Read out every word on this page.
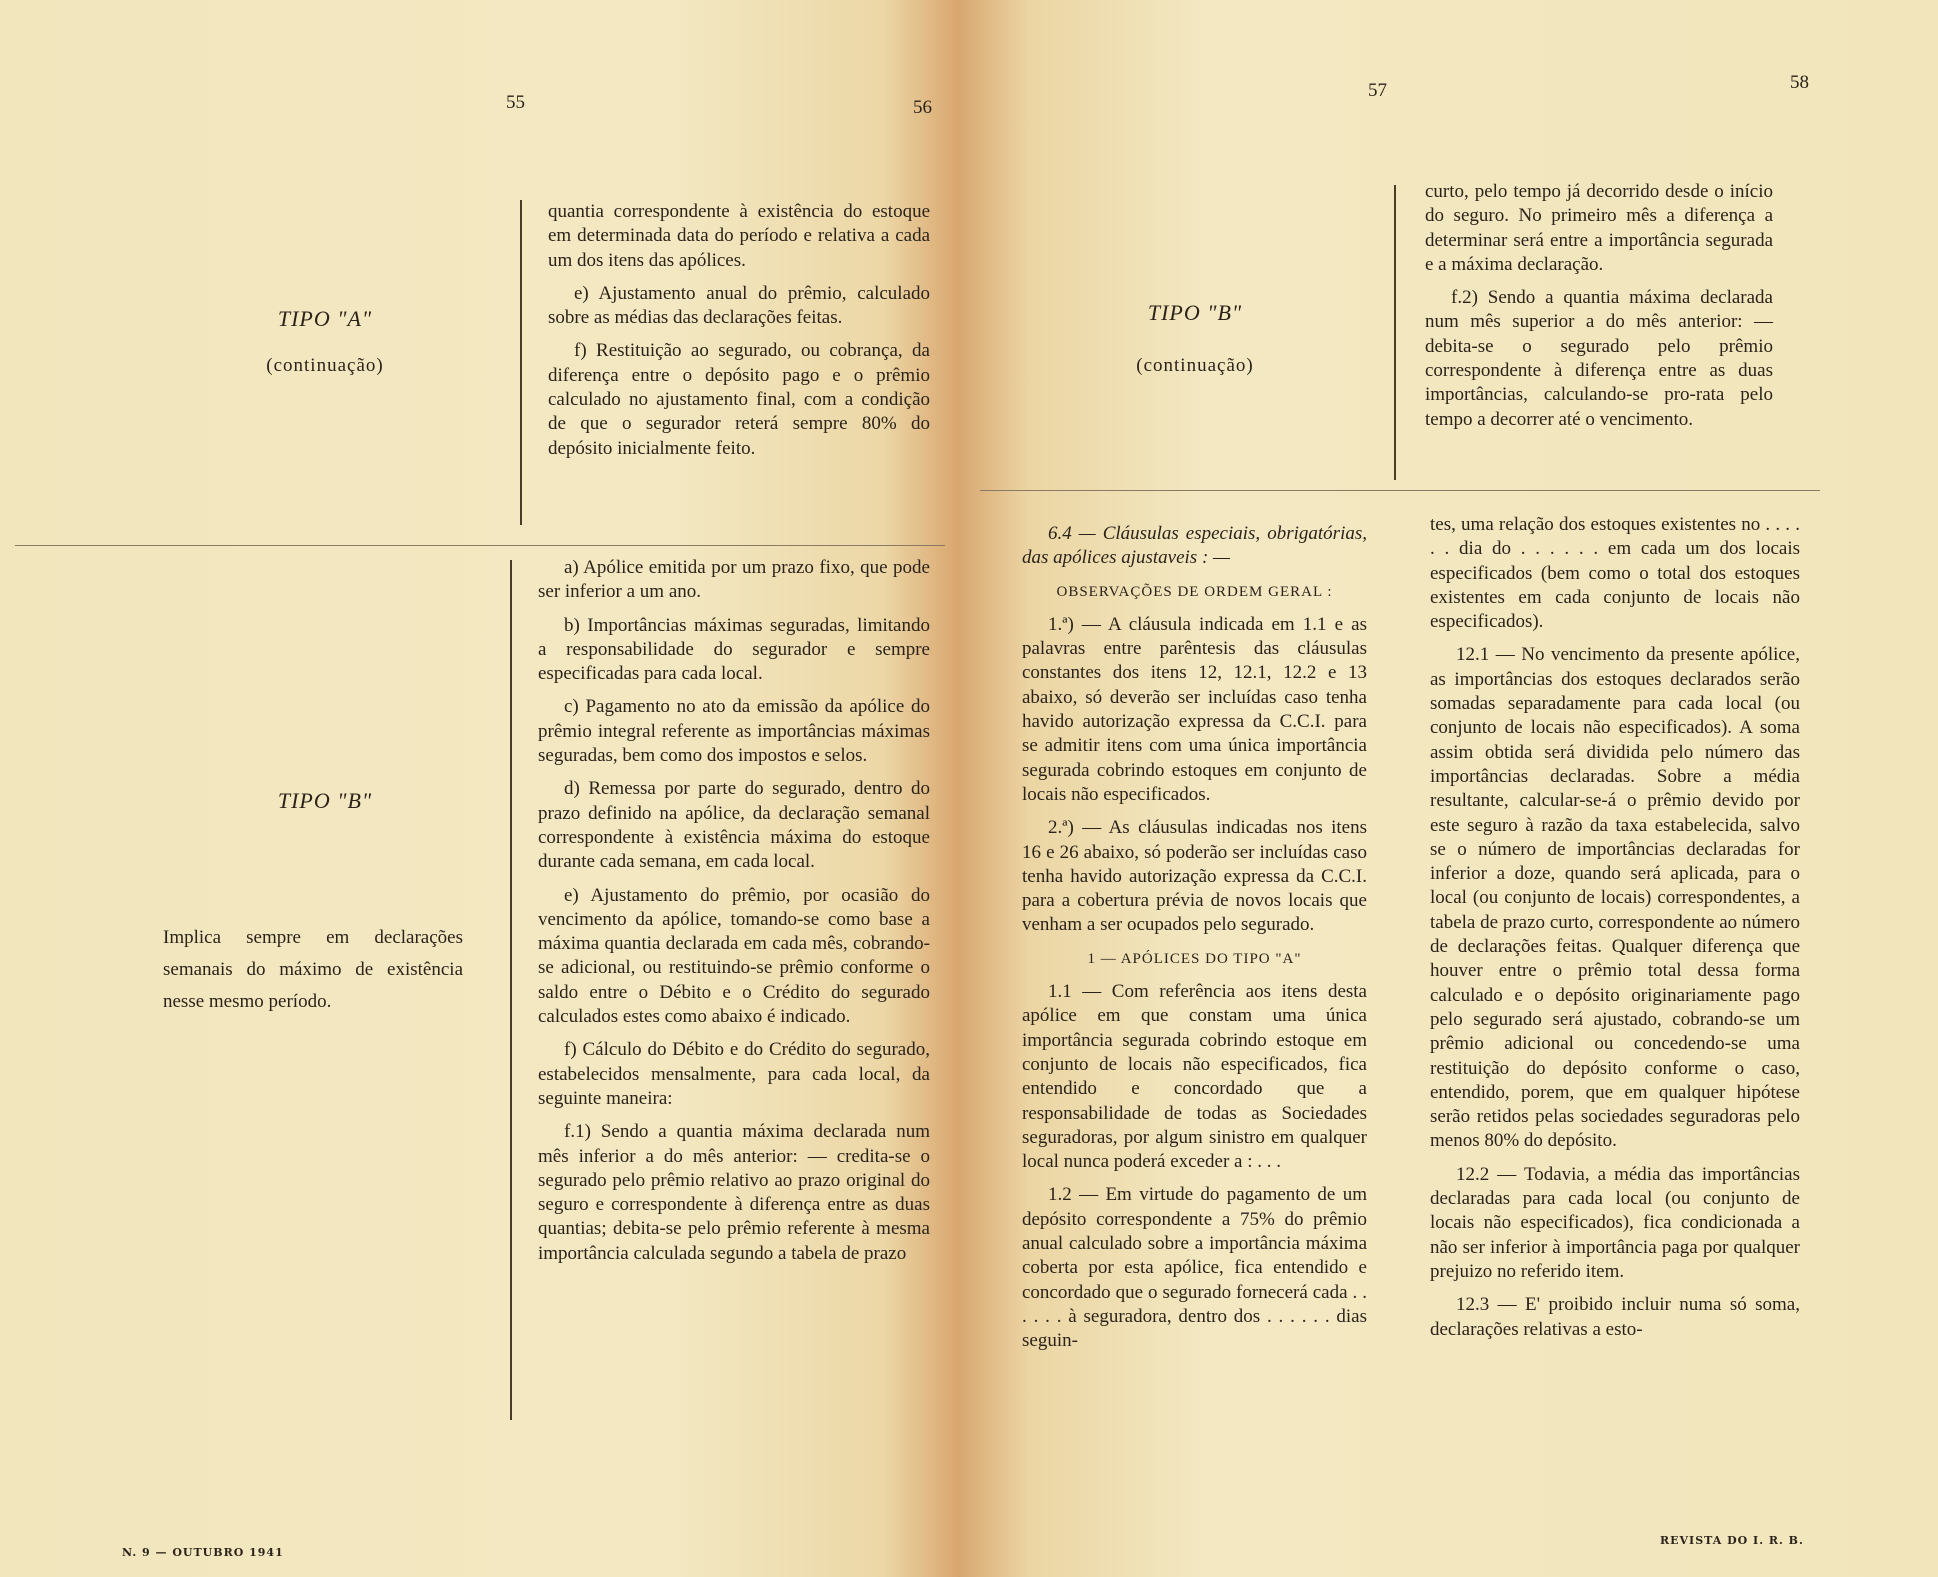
55	56
TIPO "A"
(continuação)
TIPO "B"
Implica sempre em declarações semanais do máximo de existência nesse mesmo período.

quantia correspondente à existência do estoque em determinada data do período e relativa a cada um dos itens das apólices.

e) Ajustamento anual do prêmio, calculado sobre as médias das declarações feitas.

f) Restituição ao segurado, ou cobrança, da diferença entre o depósito pago e o prêmio calculado no ajustamento final, com a condição de que o segurador reterá sempre 80% do depósito inicialmente feito.

a) Apólice emitida por um prazo fixo, que pode ser inferior a um ano.

b) Importâncias máximas seguradas, limitando a responsabilidade do segurador e sempre especificadas para cada local.

c) Pagamento no ato da emissão da apólice do prêmio integral referente as importâncias máximas seguradas, bem como dos impostos e selos.

d) Remessa por parte do segurado, dentro do prazo definido na apólice, da declaração semanal correspondente à existência máxima do estoque durante cada semana, em cada local.

e) Ajustamento do prêmio, por ocasião do vencimento da apólice, tomando-se como base a máxima quantia declarada em cada mês, cobrando-se adicional, ou restituindo-se prêmio conforme o saldo entre o Débito e o Crédito do segurado calculados estes como abaixo é indicado.

f) Cálculo do Débito e do Crédito do segurado, estabelecidos mensalmente, para cada local, da seguinte maneira:

f.1) Sendo a quantia máxima declarada num mês inferior a do mês anterior: — credita-se o segurado pelo prêmio relativo ao prazo original do seguro e correspondente à diferença entre as duas quantias; debita-se pelo prêmio referente à mesma importância calculada segundo a tabela de prazo

N. 9 — OUTUBRO 1941
57	58
TIPO "B"
(continuação)

curto, pelo tempo já decorrido desde o início do seguro. No primeiro mês a diferença a determinar será entre a importância segurada e a máxima declaração.

f.2) Sendo a quantia máxima declarada num mês superior a do mês anterior: — debita-se o segurado pelo prêmio correspondente à diferença entre as duas importâncias, calculando-se pro-rata pelo tempo a decorrer até o vencimento.

6.4 — Cláusulas especiais, obrigatórias, das apólices ajustaveis : —

OBSERVAÇÕES DE ORDEM GERAL :

1.ª) — A cláusula indicada em 1.1 e as palavras entre parêntesis das cláusulas constantes dos itens 12, 12.1, 12.2 e 13 abaixo, só deverão ser incluídas caso tenha havido autorização expressa da C.C.I. para se admitir itens com uma única importância segurada cobrindo estoques em conjunto de locais não especificados.

2.ª) — As cláusulas indicadas nos itens 16 e 26 abaixo, só poderão ser incluídas caso tenha havido autorização expressa da C.C.I. para a cobertura prévia de novos locais que venham a ser ocupados pelo segurado.

1 — APÓLICES DO TIPO "A"

1.1 — Com referência aos itens desta apólice em que constam uma única importância segurada cobrindo estoque em conjunto de locais não especificados, fica entendido e concordado que a responsabilidade de todas as Sociedades seguradoras, por algum sinistro em qualquer local nunca poderá exceder a : . . .

1.2 — Em virtude do pagamento de um depósito correspondente a 75% do prêmio anual calculado sobre a importância máxima coberta por esta apólice, fica entendido e concordado que o segurado fornecerá cada . . . . . . à seguradora, dentro dos . . . . . . dias seguin-

tes, uma relação dos estoques existentes no . . . . . . dia do . . . . . . em cada um dos locais especificados (bem como o total dos estoques existentes em cada conjunto de locais não especificados).

12.1 — No vencimento da presente apólice, as importâncias dos estoques declarados serão somadas separadamente para cada local (ou conjunto de locais não especificados). A soma assim obtida será dividida pelo número das importâncias declaradas. Sobre a média resultante, calcular-se-á o prêmio devido por este seguro à razão da taxa estabelecida, salvo se o número de importâncias declaradas for inferior a doze, quando será aplicada, para o local (ou conjunto de locais) correspondentes, a tabela de prazo curto, correspondente ao número de declarações feitas. Qualquer diferença que houver entre o prêmio total dessa forma calculado e o depósito originariamente pago pelo segurado será ajustado, cobrando-se um prêmio adicional ou concedendo-se uma restituição do depósito conforme o caso, entendido, porem, que em qualquer hipótese serão retidos pelas sociedades seguradoras pelo menos 80% do depósito.

12.2 — Todavia, a média das importâncias declaradas para cada local (ou conjunto de locais não especificados), fica condicionada a não ser inferior à importância paga por qualquer prejuizo no referido item.

12.3 — E' proibido incluir numa só soma, declarações relativas a esto-

REVISTA DO I. R. B.
